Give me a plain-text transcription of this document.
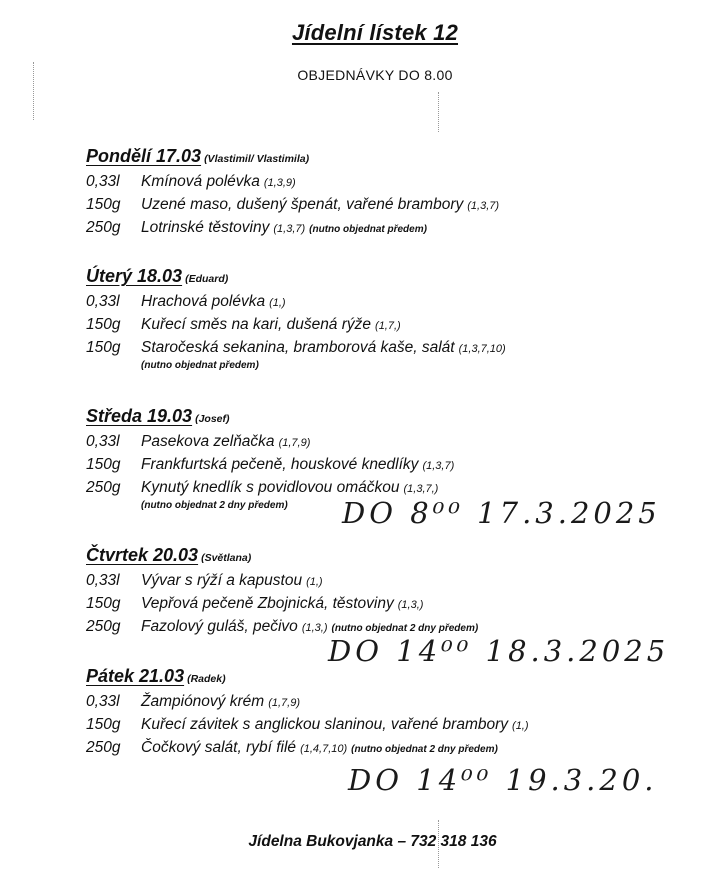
Jídelní lístek 12
OBJEDNÁVKY DO 8.00
Pondělí 17.03 (Vlastimil/ Vlastimila)
0,33l	Kmínová polévka (1,3,9)
150g	Uzené maso, dušený špenát, vařené brambory (1,3,7)
250g	Lotrinské těstoviny (1,3,7) (nutno objednat předem)
Úterý 18.03 (Eduard)
0,33l	Hrachová polévka (1,)
150g	Kuřecí směs na kari, dušená rýže (1,7,)
150g	Staročeská sekanina, bramborová kaše, salát (1,3,7,10)
(nutno objednat předem)
Středa 19.03 (Josef)
0,33l	Pasekova zelňačka (1,7,9)
150g	Frankfurtská pečeně, houskové knedlíky (1,3,7)
250g	Kynutý knedlík s povidlovou omáčkou (1,3,7,)
(nutno objednat 2 dny předem)
Čtvrtek 20.03 (Světlana)
0,33l	Vývar s rýží a kapustou (1,)
150g	Vepřová pečeně Zbojnická, těstoviny (1,3,)
250g	Fazolový guláš, pečivo (1,3,) (nutno objednat 2 dny předem)
Pátek 21.03 (Radek)
0,33l	Žampiónový krém (1,7,9)
150g	Kuřecí závitek s anglickou slaninou, vařené brambory (1,)
250g	Čočkový salát, rybí filé (1,4,7,10) (nutno objednat 2 dny předem)
DO 8⁰⁰ 17.3.2025
DO 14⁰⁰ 18.3.2025
DO 14⁰⁰ 19.3.20.
Jídelna Bukovjanka – 732 318 136
